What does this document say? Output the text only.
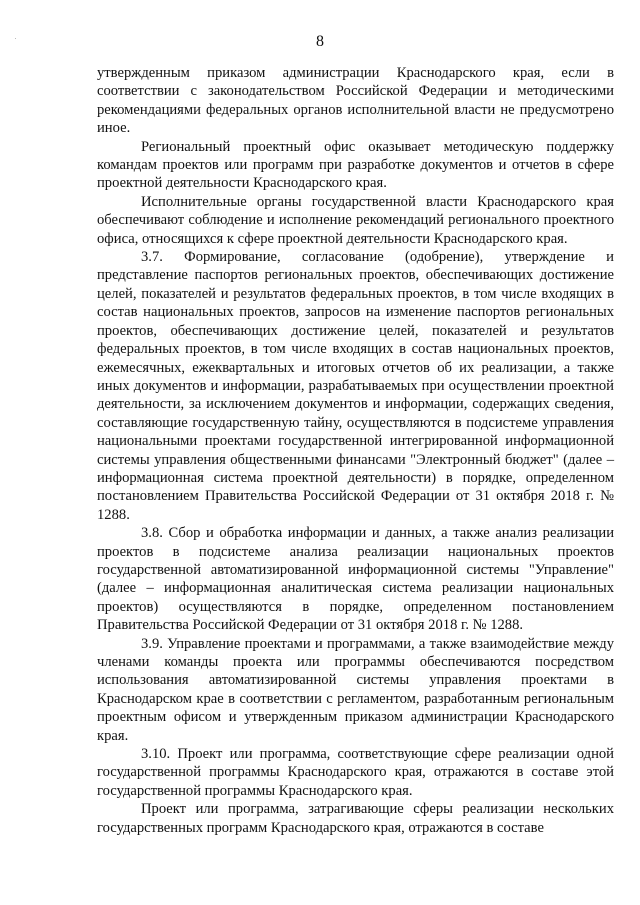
8

утвержденным приказом администрации Краснодарского края, если в соответствии с законодательством Российской Федерации и методическими рекомендациями федеральных органов исполнительной власти не предусмотрено иное.

Региональный проектный офис оказывает методическую поддержку командам проектов или программ при разработке документов и отчетов в сфере проектной деятельности Краснодарского края.

Исполнительные органы государственной власти Краснодарского края обеспечивают соблюдение и исполнение рекомендаций регионального проектного офиса, относящихся к сфере проектной деятельности Краснодарского края.

3.7. Формирование, согласование (одобрение), утверждение и представление паспортов региональных проектов, обеспечивающих достижение целей, показателей и результатов федеральных проектов, в том числе входящих в состав национальных проектов, запросов на изменение паспортов региональных проектов, обеспечивающих достижение целей, показателей и результатов федеральных проектов, в том числе входящих в состав национальных проектов, ежемесячных, ежеквартальных и итоговых отчетов об их реализации, а также иных документов и информации, разрабатываемых при осуществлении проектной деятельности, за исключением документов и информации, содержащих сведения, составляющие государственную тайну, осуществляются в подсистеме управления национальными проектами государственной интегрированной информационной системы управления общественными финансами "Электронный бюджет" (далее – информационная система проектной деятельности) в порядке, определенном постановлением Правительства Российской Федерации от 31 октября 2018 г. № 1288.

3.8. Сбор и обработка информации и данных, а также анализ реализации проектов в подсистеме анализа реализации национальных проектов государственной автоматизированной информационной системы "Управление" (далее – информационная аналитическая система реализации национальных проектов) осуществляются в порядке, определенном постановлением Правительства Российской Федерации от 31 октября 2018 г. № 1288.

3.9. Управление проектами и программами, а также взаимодействие между членами команды проекта или программы обеспечиваются посредством использования автоматизированной системы управления проектами в Краснодарском крае в соответствии с регламентом, разработанным региональным проектным офисом и утвержденным приказом администрации Краснодарского края.

3.10. Проект или программа, соответствующие сфере реализации одной государственной программы Краснодарского края, отражаются в составе этой государственной программы Краснодарского края.

Проект или программа, затрагивающие сферы реализации нескольких государственных программ Краснодарского края, отражаются в составе
